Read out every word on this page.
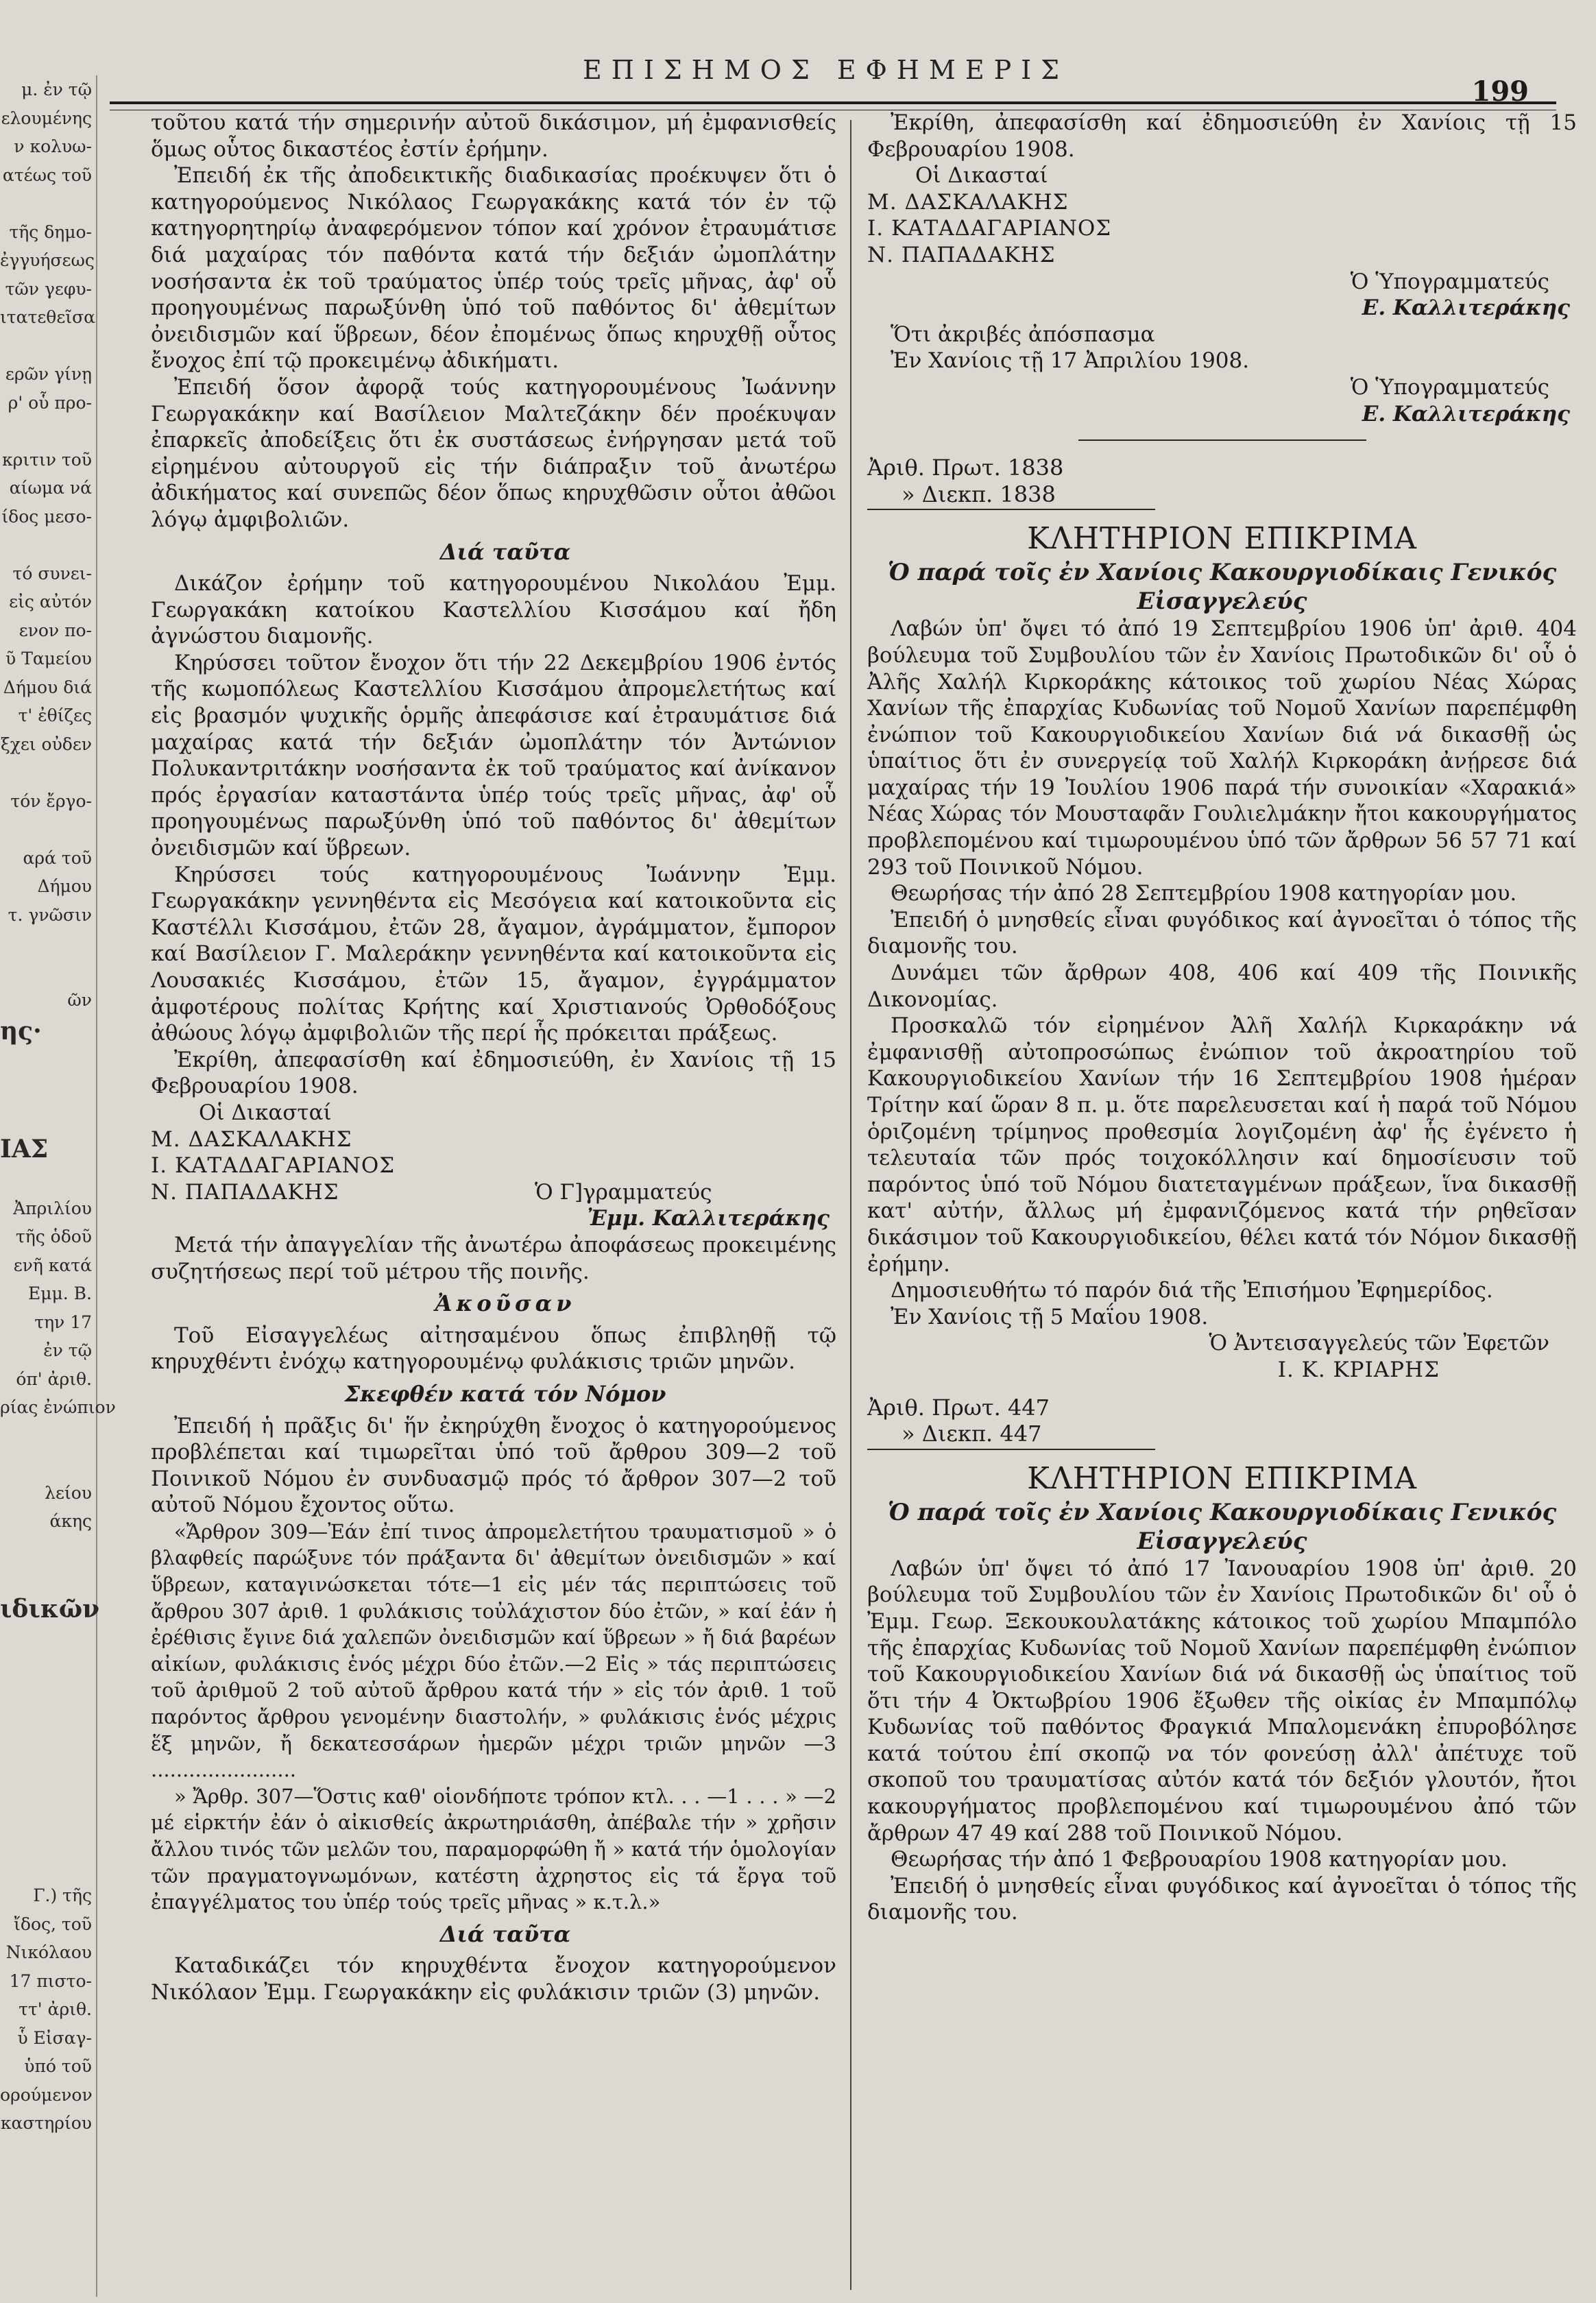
μ. ἐν τῷ
ελουμένης
ν κολυω-
ατέως τοῦ

τῆς δημο-
ἐγγυήσεως
τῶν γεφυ-
ιτατεθεῖσα

ερῶν γίνῃ
ρ' οὗ προ-

κριτιν τοῦ
αίωμα νά
ίδος μεσο-

τό συνει-
εἰς αὐτόν
ενον πο-
ῦ Ταμείου
Δήμου διά
τ' ἐθίζες
ξχει οὐδεν

τόν ἔργο-

αρά τοῦ
Δήμου
τ. γνῶσιν

ῶν
ης·

ΙΑΣ

Ἀπριλίου
τῆς ὁδοῦ
ενῆ κατά
Εμμ. Β.
την 17
ἐν τῷ
όπ' ἀριθ.
ρίας ἐνώπιον

λείου
άκης

ιδικῶν

Γ.) τῆς
ἴδος, τοῦ
Νικόλαου
17 πιστο-
ττ' ἀριθ.
ὗ Εἰσαγ-
ὑπό τοῦ
ορούμενον
καστηρίου
ΕΠΙΣΗΜΟΣ ΕΦΗΜΕΡΙΣ
199

τοῦτου κατά τήν σημερινήν αὐτοῦ δικάσιμον, μή ἐμφανισθείς ὅμως οὗτος δικαστέος ἐστίν ἐρήμην.

Ἐπειδή ἐκ τῆς ἀποδεικτικῆς διαδικασίας προέκυψεν ὅτι ὁ κατηγορούμενος Νικόλαος Γεωργακάκης κατά τόν ἐν τῷ κατηγορητηρίῳ ἀναφερόμενον τόπον καί χρόνον ἐτραυμάτισε διά μαχαίρας τόν παθόντα κατά τήν δεξιάν ὠμοπλάτην νοσήσαντα ἐκ τοῦ τραύματος ὑπέρ τούς τρεῖς μῆνας, ἀφ' οὗ προηγουμένως παρωξύνθη ὑπό τοῦ παθόντος δι' ἀθεμίτων ὀνειδισμῶν καί ὕβρεων, δέον ἐπομένως ὅπως κηρυχθῇ οὗτος ἔνοχος ἐπί τῷ προκειμένῳ ἀδικήματι.

Ἐπειδή ὅσον ἀφορᾷ τούς κατηγορουμένους Ἰωάννην Γεωργακάκην καί Βασίλειον Μαλτεζάκην δέν προέκυψαν ἐπαρκεῖς ἀποδείξεις ὅτι ἐκ συστάσεως ἐνήργησαν μετά τοῦ εἰρημένου αὐτουργοῦ εἰς τήν διάπραξιν τοῦ ἀνωτέρω ἀδικήματος καί συνεπῶς δέον ὅπως κηρυχθῶσιν οὗτοι ἀθῶοι λόγῳ ἀμφιβολιῶν.

Διά ταῦτα

Δικάζον ἐρήμην τοῦ κατηγορουμένου Νικολάου Ἐμμ. Γεωργακάκη κατοίκου Καστελλίου Κισσάμου καί ἤδη ἀγνώστου διαμονῆς.

Κηρύσσει τοῦτον ἔνοχον ὅτι τήν 22 Δεκεμβρίου 1906 ἐντός τῆς κωμοπόλεως Καστελλίου Κισσάμου ἀπρομελετήτως καί εἰς βρασμόν ψυχικῆς ὁρμῆς ἀπεφάσισε καί ἐτραυμάτισε διά μαχαίρας κατά τήν δεξιάν ὠμοπλάτην τόν Ἀντώνιον Πολυκαντριτάκην νοσήσαντα ἐκ τοῦ τραύματος καί ἀνίκανον πρός ἐργασίαν καταστάντα ὑπέρ τούς τρεῖς μῆνας, ἀφ' οὗ προηγουμένως παρωξύνθη ὑπό τοῦ παθόντος δι' ἀθεμίτων ὀνειδισμῶν καί ὕβρεων.

Κηρύσσει τούς κατηγορουμένους Ἰωάννην Ἐμμ. Γεωργακάκην γεννηθέντα εἰς Μεσόγεια καί κατοικοῦντα εἰς Καστέλλι Κισσάμου, ἐτῶν 28, ἄγαμον, ἀγράμματον, ἔμπορον καί Βασίλειον Γ. Μαλεράκην γεννηθέντα καί κατοικοῦντα εἰς Λουσακιές Κισσάμου, ἐτῶν 15, ἄγαμον, ἐγγράμματον ἀμφοτέρους πολίτας Κρήτης καί Χριστιανούς Ὀρθοδόξους ἀθώους λόγῳ ἀμφιβολιῶν τῆς περί ἧς πρόκειται πράξεως.

Ἐκρίθη, ἀπεφασίσθη καί ἐδημοσιεύθη, ἐν Χανίοις τῇ 15 Φεβρουαρίου 1908.

Οἱ Δικασταί

Μ. ΔΑΣΚΑΛΑΚΗΣ

Ι. ΚΑΤΑΔΑΓΑΡΙΑΝΟΣ

Ν. ΠΑΠΑΔΑΚΗΣ	Ὁ Γ]γραμματεύς

Ἐμμ. Καλλιτεράκης

Μετά τήν ἀπαγγελίαν τῆς ἀνωτέρω ἀποφάσεως προκειμένης συζητήσεως περί τοῦ μέτρου τῆς ποινῆς.

Ἀκοῦσαν

Τοῦ Εἰσαγγελέως αἰτησαμένου ὅπως ἐπιβληθῇ τῷ κηρυχθέντι ἐνόχῳ κατηγορουμένῳ φυλάκισις τριῶν μηνῶν.

Σκεφθέν κατά τόν Νόμον

Ἐπειδή ἡ πρᾶξις δι' ἥν ἐκηρύχθη ἔνοχος ὁ κατηγορούμενος προβλέπεται καί τιμωρεῖται ὑπό τοῦ ἄρθρου 309—2 τοῦ Ποινικοῦ Νόμου ἐν συνδυασμῷ πρός τό ἄρθρον 307—2 τοῦ αὐτοῦ Νόμου ἔχοντος οὕτω.

«Ἄρθρον 309—Ἐάν ἐπί τινος ἀπρομελετήτου τραυματισμοῦ » ὁ βλαφθείς παρώξυνε τόν πράξαντα δι' ἀθεμίτων ὀνειδισμῶν » καί ὕβρεων, καταγινώσκεται τότε—1 εἰς μέν τάς περιπτώσεις τοῦ ἄρθρου 307 ἀριθ. 1 φυλάκισις τοὐλάχιστον δύο ἐτῶν, » καί ἐάν ἡ ἐρέθισις ἔγινε διά χαλεπῶν ὀνειδισμῶν καί ὕβρεων » ἤ διά βαρέων αἰκίων, φυλάκισις ἑνός μέχρι δύο ἐτῶν.—2 Εἰς » τάς περιπτώσεις τοῦ ἀριθμοῦ 2 τοῦ αὐτοῦ ἄρθρου κατά τήν » εἰς τόν ἀριθ. 1 τοῦ παρόντος ἄρθρου γενομένην διαστολήν, » φυλάκισις ἑνός μέχρις ἕξ μηνῶν, ἤ δεκατεσσάρων ἡμερῶν μέχρι τριῶν μηνῶν —3 .......................

» Ἄρθρ. 307—Ὅστις καθ' οἱονδήποτε τρόπον κτλ. . . —1 . . . » —2 μέ εἱρκτήν ἐάν ὁ αἰκισθείς ἀκρωτηριάσθη, ἀπέβαλε τήν » χρῆσιν ἄλλου τινός τῶν μελῶν του, παραμορφώθη ἤ » κατά τήν ὁμολογίαν τῶν πραγματογνωμόνων, κατέστη ἀχρηστος εἰς τά ἔργα τοῦ ἐπαγγέλματος του ὑπέρ τούς τρεῖς μῆνας » κ.τ.λ.»

Διά ταῦτα

Καταδικάζει τόν κηρυχθέντα ἔνοχον κατηγορούμενον Νικόλαον Ἐμμ. Γεωργακάκην εἰς φυλάκισιν τριῶν (3) μηνῶν.

Ἐκρίθη, ἀπεφασίσθη καί ἐδημοσιεύθη ἐν Χανίοις τῇ 15 Φεβρουαρίου 1908.

Οἱ Δικασταί

Μ. ΔΑΣΚΑΛΑΚΗΣ

Ι. ΚΑΤΑΔΑΓΑΡΙΑΝΟΣ

Ν. ΠΑΠΑΔΑΚΗΣ

Ὁ Ὑπογραμματεύς

Ε. Καλλιτεράκης

Ὅτι ἀκριβές ἀπόσπασμα

Ἐν Χανίοις τῇ 17 Ἀπριλίου 1908.

Ὁ Ὑπογραμματεύς

Ε. Καλλιτεράκης

Ἀριθ. Πρωτ. 1838

» Διεκπ. 1838

ΚΛΗΤΗΡΙΟΝ ΕΠΙΚΡΙΜΑ

Ὁ παρά τοῖς ἐν Χανίοις Κακουργιοδίκαις Γενικός Εἰσαγγελεύς

Λαβών ὑπ' ὄψει τό ἀπό 19 Σεπτεμβρίου 1906 ὑπ' ἀριθ. 404 βούλευμα τοῦ Συμβουλίου τῶν ἐν Χανίοις Πρωτοδικῶν δι' οὗ ὁ Ἀλῆς Χαλήλ Κιρκοράκης κάτοικος τοῦ χωρίου Νέας Χώρας Χανίων τῆς ἐπαρχίας Κυδωνίας τοῦ Νομοῦ Χανίων παρεπέμφθη ἐνώπιον τοῦ Κακουργιοδικείου Χανίων διά νά δικασθῇ ὡς ὑπαίτιος ὅτι ἐν συνεργείᾳ τοῦ Χαλήλ Κιρκοράκη ἀνῄρεσε διά μαχαίρας τήν 19 Ἰουλίου 1906 παρά τήν συνοικίαν «Χαρακιά» Νέας Χώρας τόν Μουσταφᾶν Γουλιελμάκην ἤτοι κακουργήματος προβλεπομένου καί τιμωρουμένου ὑπό τῶν ἄρθρων 56 57 71 καί 293 τοῦ Ποινικοῦ Νόμου.

Θεωρήσας τήν ἀπό 28 Σεπτεμβρίου 1908 κατηγορίαν μου.

Ἐπειδή ὁ μνησθείς εἶναι φυγόδικος καί ἀγνοεῖται ὁ τόπος τῆς διαμονῆς του.

Δυνάμει τῶν ἄρθρων 408, 406 καί 409 τῆς Ποινικῆς Δικονομίας.

Προσκαλῶ τόν εἰρημένον Ἀλῆ Χαλήλ Κιρκαράκην νά ἐμφανισθῇ αὐτοπροσώπως ἐνώπιον τοῦ ἀκροατηρίου τοῦ Κακουργιοδικείου Χανίων τήν 16 Σεπτεμβρίου 1908 ἡμέραν Τρίτην καί ὥραν 8 π. μ. ὅτε παρελευσεται καί ἡ παρά τοῦ Νόμου ὁριζομένη τρίμηνος προθεσμία λογιζομένη ἀφ' ἧς ἐγένετο ἡ τελευταία τῶν πρός τοιχοκόλλησιν καί δημοσίευσιν τοῦ παρόντος ὑπό τοῦ Νόμου διατεταγμένων πράξεων, ἵνα δικασθῇ κατ' αὐτήν, ἄλλως μή ἐμφανιζόμενος κατά τήν ρηθεῖσαν δικάσιμον τοῦ Κακουργιοδικείου, θέλει κατά τόν Νόμον δικασθῇ ἐρήμην.

Δημοσιευθήτω τό παρόν διά τῆς Ἐπισήμου Ἐφημερίδος.

Ἐν Χανίοις τῇ 5 Μαΐου 1908.

Ὁ Ἀντεισαγγελεύς τῶν Ἐφετῶν

Ι. Κ. ΚΡΙΑΡΗΣ

Ἀριθ. Πρωτ. 447

» Διεκπ. 447

ΚΛΗΤΗΡΙΟΝ ΕΠΙΚΡΙΜΑ

Ὁ παρά τοῖς ἐν Χανίοις Κακουργιοδίκαις Γενικός Εἰσαγγελεύς

Λαβών ὑπ' ὄψει τό ἀπό 17 Ἰανουαρίου 1908 ὑπ' ἀριθ. 20 βούλευμα τοῦ Συμβουλίου τῶν ἐν Χανίοις Πρωτοδικῶν δι' οὗ ὁ Ἐμμ. Γεωρ. Ξεκουκουλατάκης κάτοικος τοῦ χωρίου Μπαμπόλο τῆς ἐπαρχίας Κυδωνίας τοῦ Νομοῦ Χανίων παρεπέμφθη ἐνώπιον τοῦ Κακουργιοδικείου Χανίων διά νά δικασθῇ ὡς ὑπαίτιος τοῦ ὅτι τήν 4 Ὀκτωβρίου 1906 ἔξωθεν τῆς οἰκίας ἐν Μπαμπόλῳ Κυδωνίας τοῦ παθόντος Φραγκιά Μπαλομενάκη ἐπυροβόλησε κατά τούτου ἐπί σκοπῷ να τόν φονεύσῃ ἀλλ' ἀπέτυχε τοῦ σκοποῦ του τραυματίσας αὐτόν κατά τόν δεξιόν γλουτόν, ἤτοι κακουργήματος προβλεπομένου καί τιμωρουμένου ἀπό τῶν ἄρθρων 47 49 καί 288 τοῦ Ποινικοῦ Νόμου.

Θεωρήσας τήν ἀπό 1 Φεβρουαρίου 1908 κατηγορίαν μου.

Ἐπειδή ὁ μνησθείς εἶναι φυγόδικος καί ἀγνοεῖται ὁ τόπος τῆς διαμονῆς του.
